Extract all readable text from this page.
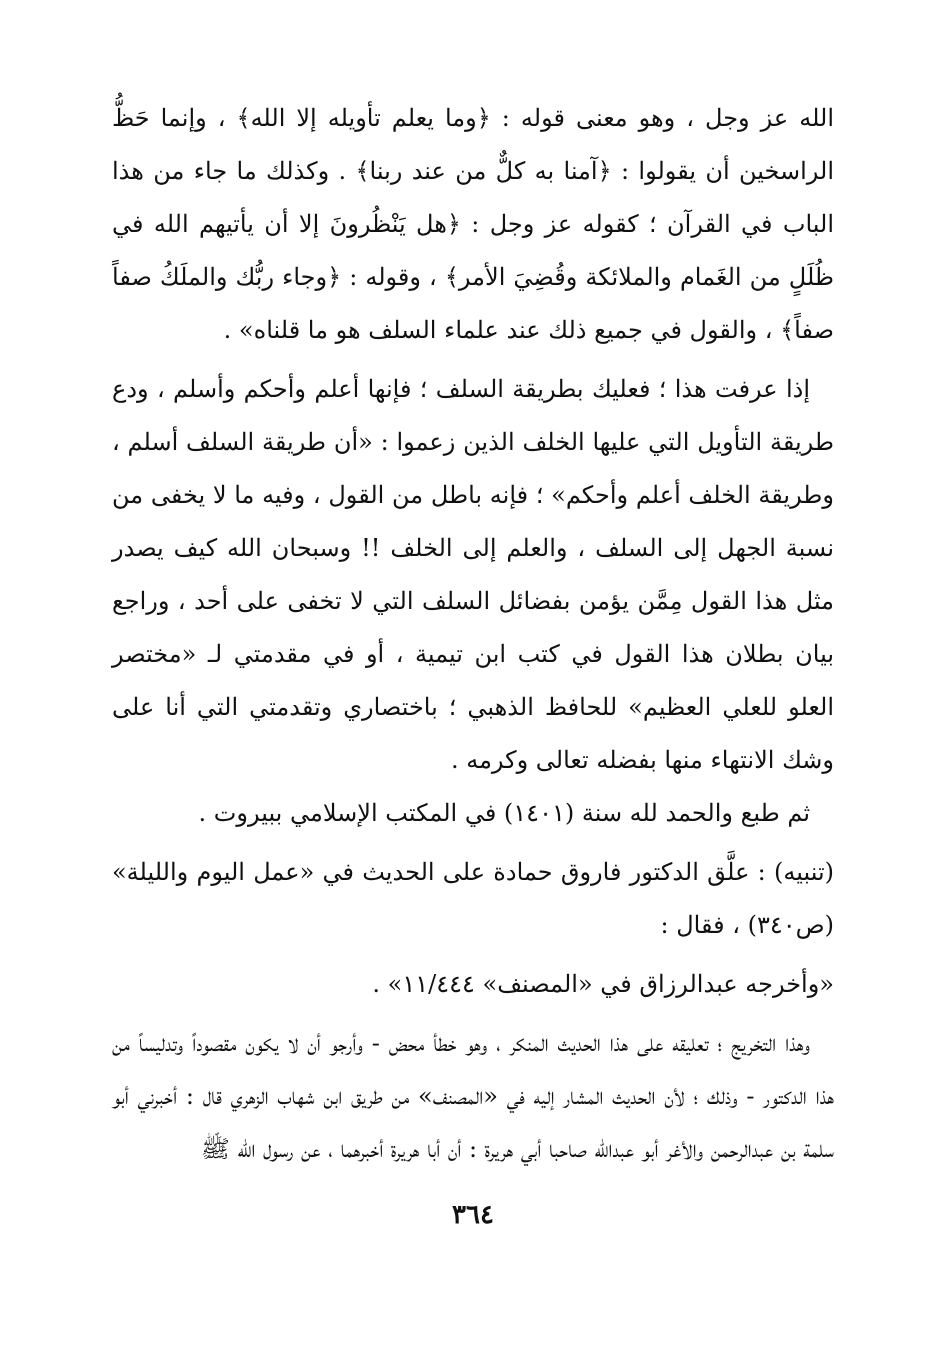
الله عز وجل ، وهو معنى قوله : ﴿وما يعلم تأويله إلا الله﴾ ، وإنما حَظُّ الراسخين أن يقولوا : ﴿آمنا به كلٌّ من عند ربنا﴾ . وكذلك ما جاء من هذا الباب في القرآن ؛ كقوله عز وجل : ﴿هل يَنْظُرونَ إلا أن يأتيهم الله في ظُلَلٍ من الغَمام والملائكة وقُضِيَ الأمر﴾ ، وقوله : ﴿وجاء ربُّك والملَكُ صفاً صفاً﴾ ، والقول في جميع ذلك عند علماء السلف هو ما قلناه» .

إذا عرفت هذا ؛ فعليك بطريقة السلف ؛ فإنها أعلم وأحكم وأسلم ، ودع طريقة التأويل التي عليها الخلف الذين زعموا : «أن طريقة السلف أسلم ، وطريقة الخلف أعلم وأحكم» ؛ فإنه باطل من القول ، وفيه ما لا يخفى من نسبة الجهل إلى السلف ، والعلم إلى الخلف !! وسبحان الله كيف يصدر مثل هذا القول مِمَّن يؤمن بفضائل السلف التي لا تخفى على أحد ، وراجع بيان بطلان هذا القول في كتب ابن تيمية ، أو في مقدمتي لـ «مختصر العلو للعلي العظيم» للحافظ الذهبي ؛ باختصاري وتقدمتي التي أنا على وشك الانتهاء منها بفضله تعالى وكرمه .

ثم طبع والحمد لله سنة (١٤٠١) في المكتب الإسلامي ببيروت .

(تنبيه) : علَّق الدكتور فاروق حمادة على الحديث في «عمل اليوم والليلة» (ص٣٤٠) ، فقال :

«وأخرجه عبدالرزاق في «المصنف» ١١/٤٤٤» .

وهذا التخريج ؛ تعليقه على هذا الحديث المنكر ، وهو خطأ محض - وأرجو أن لا يكون مقصوداً وتدليساً من هذا الدكتور - وذلك ؛ لأن الحديث المشار إليه في «المصنف» من طريق ابن شهاب الزهري قال : أخبرني أبو سلمة بن عبدالرحمن والأغر أبو عبدالله صاحبا أبي هريرة : أن أبا هريرة أخبرهما ، عن رسول الله ﷺ

٣٦٤
